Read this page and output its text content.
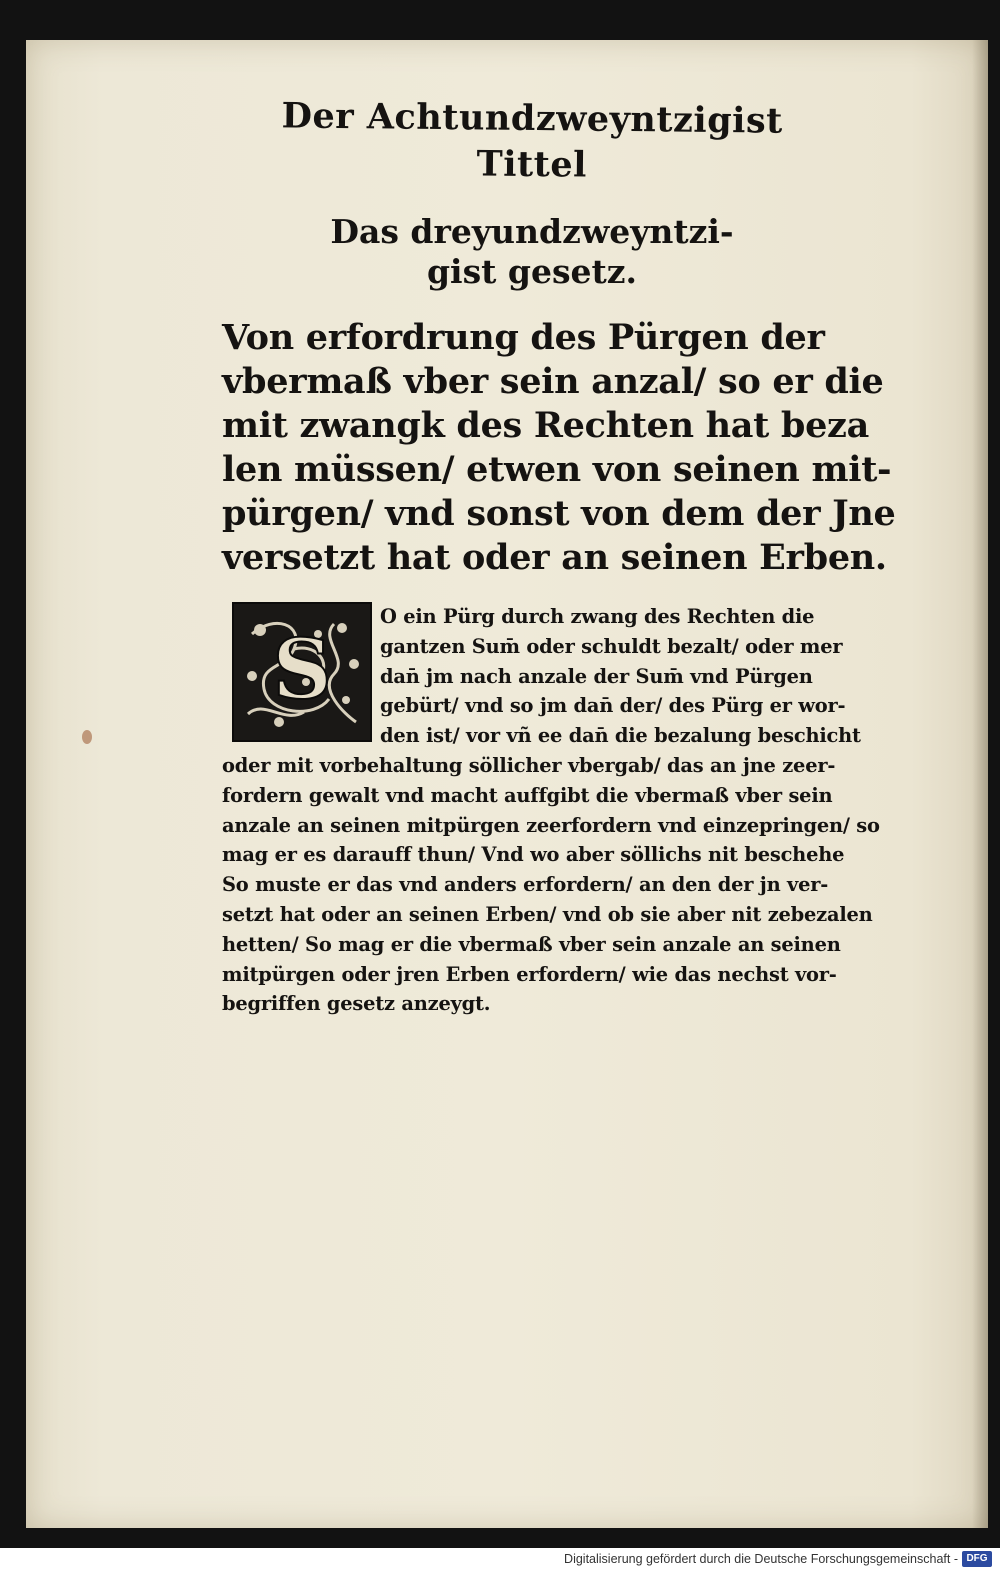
Der Achtundzweyntzigist Tittel
Das dreyundzweyntzi-
gist gesetz.
Von erfordrung des Pürgen der
vbermaß vber sein anzal/ so er die
mit zwangk des Rechten hat beza
len müssen/ etwen von seinen mit-
pürgen/ vnd sonst von dem der Jne
versetzt hat oder an seinen Erben.
S
O ein Pürg durch zwang des Rechten die
gantzen Sum̄ oder schuldt bezalt/ oder mer
dan̄ jm nach anzale der Sum̄ vnd Pürgen
gebürt/ vnd so jm dan̄ der/ des Pürg er wor-
den ist/ vor vñ ee dan̄ die bezalung beschicht
oder mit vorbehaltung söllicher vbergab/ das an jne zeer-
fordern gewalt vnd macht auffgibt die vbermaß vber sein
anzale an seinen mitpürgen zeerfordern vnd einzepringen/ so
mag er es darauff thun/ Vnd wo aber söllichs nit beschehe
So muste er das vnd anders erfordern/ an den der jn ver-
setzt hat oder an seinen Erben/ vnd ob sie aber nit zebezalen
hetten/ So mag er die vbermaß vber sein anzale an seinen
mitpürgen oder jren Erben erfordern/ wie das nechst vor-
begriffen gesetz anzeygt.
Digitalisierung gefördert durch die Deutsche Forschungsgemeinschaft - DFG
